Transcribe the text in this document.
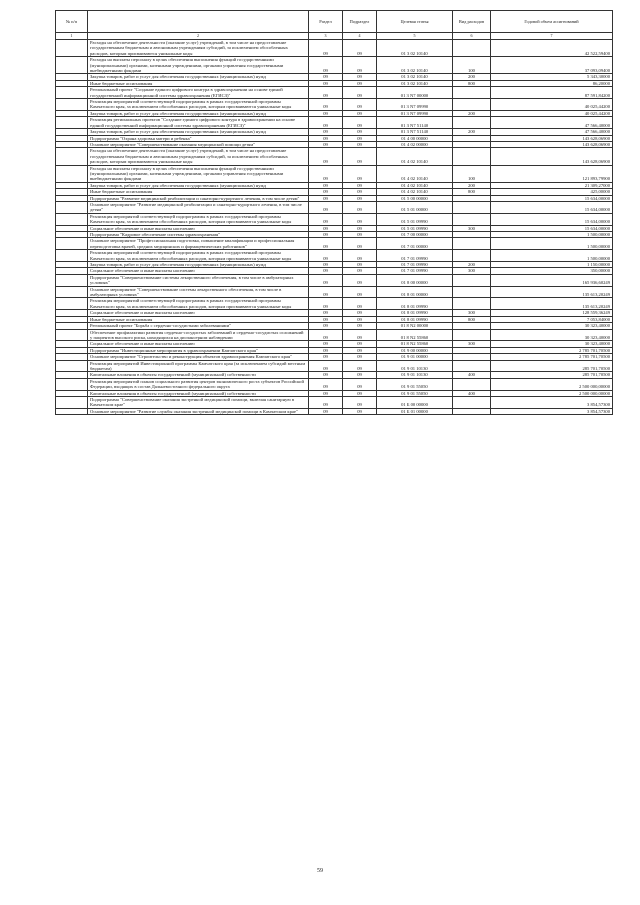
№ п/п		Раздел	Подраздел	Целевая статья	Вид расходов	Годовой объем ассигнований
1	2	3	4	5	6	7
	Расходы на обеспечение деятельности (оказание услуг) учреждений, в том числе на предоставление государственным бюджетным и автономным учреждениям субсидий, за исключением обособленных расходов, которым присваиваются уникальные коды	09	09	01 3 02 10140		42 522,59400
	Расходы на выплаты персоналу в целях обеспечения выполнения функций государственными (муниципальными) органами, казенными учреждениями, органами управления государственными внебюджетными фондами	09	09	01 3 02 10140	100	37 093,09400
	Закупка товаров, работ и услуг для обеспечения государственных (муниципальных) нужд	09	09	01 3 02 10140	200	5 343,30000
	Иные бюджетные ассигнования	09	09	01 3 02 10140	800	86,20000
	Региональный проект "Создание единого цифрового контура в здравоохранении на основе единой государственной информационной системы здравоохранения (ЕГИСЗ)"	09	09	01 3 N7 00000		87 591,84200
	Реализация мероприятий соответствующей подпрограммы в рамках государственной программы Камчатского края, за исключением обособленных расходов, которым присваиваются уникальные коды	09	09	01 3 N7 09990		40 025,44200
	Закупка товаров, работ и услуг для обеспечения государственных (муниципальных) нужд	09	09	01 3 N7 09990	200	40 025,44200
	Реализация региональных проектов "Создание единого цифрового контура в здравоохранении на основе единой государственной информационной системы здравоохранения (ЕГИСЗ)"	09	09	01 3 N7 51140		47 566,40000
	Закупка товаров, работ и услуг для обеспечения государственных (муниципальных) нужд	09	09	01 3 N7 51140	200	47 566,40000
	Подпрограмма "Охрана здоровья матери и ребенка"	09	09	01 4 00 00000		143 628,06900
	Основное мероприятие "Совершенствование оказания медицинской помощи детям"	09	09	01 4 02 00000		143 628,06900
	Расходы на обеспечение деятельности (оказание услуг) учреждений, в том числе на предоставление государственным бюджетным и автономным учреждениям субсидий, за исключением обособленных расходов, которым присваиваются уникальные коды	09	09	01 4 02 10140		143 628,06900
	Расходы на выплаты персоналу в целях обеспечения выполнения функций государственными (муниципальными) органами, казенными учреждениями, органами управления государственными внебюджетными фондами	09	09	01 4 02 10140	100	121 893,79900
	Закупка товаров, работ и услуг для обеспечения государственных (муниципальных) нужд	09	09	01 4 02 10140	200	21 309,27000
	Иные бюджетные ассигнования	09	09	01 4 02 10140	800	425,00000
	Подпрограмма "Развитие медицинской реабилитации и санаторно-курортного лечения, в том числе детям"	09	09	01 5 00 00000		15 634,00000
	Основное мероприятие "Развитие медицинской реабилитации и санаторно-курортного лечения, в том числе детям"	09	09	01 5 01 00000		15 634,00000
	Реализация мероприятий соответствующей подпрограммы в рамках государственной программы Камчатского края, за исключением обособленных расходов, которым присваиваются уникальные коды	09	09	01 5 01 09990		15 634,00000
	Социальное обеспечение и иные выплаты населению	09	09	01 5 01 09990	300	15 634,00000
	Подпрограмма "Кадровое обеспечение системы здравоохранения"	09	09	01 7 00 00000		1 500,00000
	Основное мероприятие "Профессиональная подготовка, повышение квалификации и профессиональная переподготовка врачей, средних медицинских и фармацевтических работников"	09	09	01 7 01 00000		1 500,00000
	Реализация мероприятий соответствующей подпрограммы в рамках государственной программы Камчатского края, за исключением обособленных расходов, которым присваиваются уникальные коды	09	09	01 7 01 09990		1 500,00000
	Закупка товаров, работ и услуг для обеспечения государственных (муниципальных) нужд	09	09	01 7 01 09990	200	1 150,00000
	Социальное обеспечение и иные выплаты населению	09	09	01 7 01 09990	300	350,00000
	Подпрограмма "Совершенствование системы лекарственного обеспечения, в том числе в амбулаторных условиях"	09	09	01 8 00 00000		165 936,60249
	Основное мероприятие "Совершенствование системы лекарственного обеспечения, в том числе в амбулаторных условиях"	09	09	01 8 01 00000		135 613,20249
	Реализация мероприятий соответствующей подпрограммы в рамках государственной программы Камчатского края, за исключением обособленных расходов, которым присваиваются уникальные коды	09	09	01 8 01 09990		135 613,20249
	Социальное обеспечение и иные выплаты населению	09	09	01 8 01 09990	300	128 559,36249
	Иные бюджетные ассигнования	09	09	01 8 01 09990	800	7 053,84000
	Региональный проект "Борьба с сердечно-сосудистыми заболеваниями"	09	09	01 8 N2 00000		30 323,40000
	Обеспечение профилактики развития сердечно-сосудистых заболеваний и сердечно-сосудистых осложнений у пациентов высокого риска, находящихся на диспансерном наблюдении	09	09	01 8 N2 55860		30 323,40000
	Социальное обеспечение и иные выплаты населению	09	09	01 8 N2 55860	300	30 323,40000
	Подпрограмма "Инвестиционные мероприятия в здравоохранении Камчатского края"	09	09	01 9 00 00000		2 785 701,70500
	Основное мероприятие "Строительство и реконструкция объектов здравоохранения Камчатского края"	09	09	01 9 01 00000		2 785 701,70500
	Реализация мероприятий Инвестиционной программы Камчатского края (за исключением субсидий местным бюджетам)	09	09	01 9 01 10130		285 701,70500
	Капитальные вложения в объекты государственной (муниципальной) собственности	09	09	01 9 01 10130	400	285 701,70500
	Реализация мероприятий планов социального развития центров экономического роста субъектов Российской Федерации, входящих в состав Дальневосточного федерального округа	09	09	01 9 01 55050		2 500 000,00000
	Капитальные вложения в объекты государственной (муниципальной) собственности	09	09	01 9 01 55050	400	2 500 000,00000
	Подпрограмма "Совершенствование оказания экстренной медицинской помощи, включая санитарную в Камчатском крае"	09	09	01 Б 00 00000		3 854,57300
	Основное мероприятие "Развитие службы оказания экстренной медицинской помощи в Камчатском крае"	09	09	01 Б 01 00000		3 854,57300
59
